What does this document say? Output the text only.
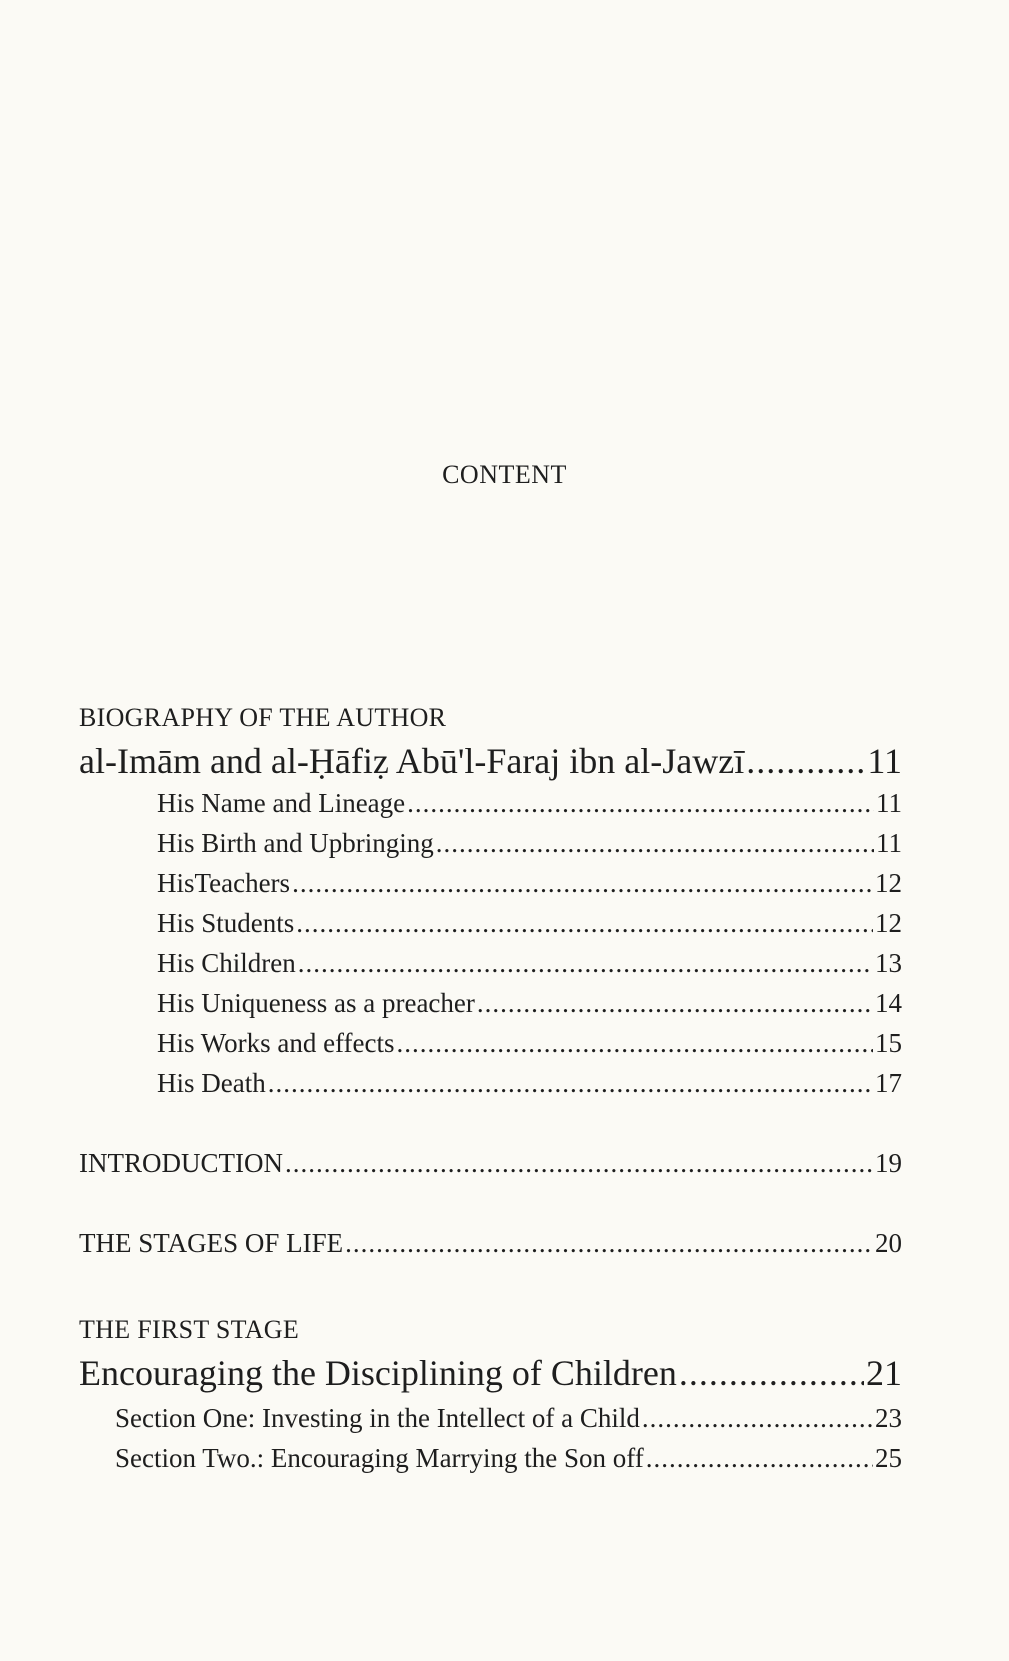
CONTENT
BIOGRAPHY OF THE AUTHOR
al-Imām and al-Ḥāfiẓ Abū'l-Faraj ibn al-Jawzī .....	11
His Name and Lineage .....	11
His Birth and Upbringing .....	11
HisTeachers .....	12
His Students .....	12
His Children .....	13
His Uniqueness as a preacher .....	14
His Works and effects .....	15
His Death .....	17
INTRODUCTION .....	19
THE STAGES OF LIFE .....	20
THE FIRST STAGE
Encouraging the Disciplining of Children .....	21
Section One: Investing in the Intellect of a Child .....	23
Section Two.: Encouraging Marrying the Son off .....	25
